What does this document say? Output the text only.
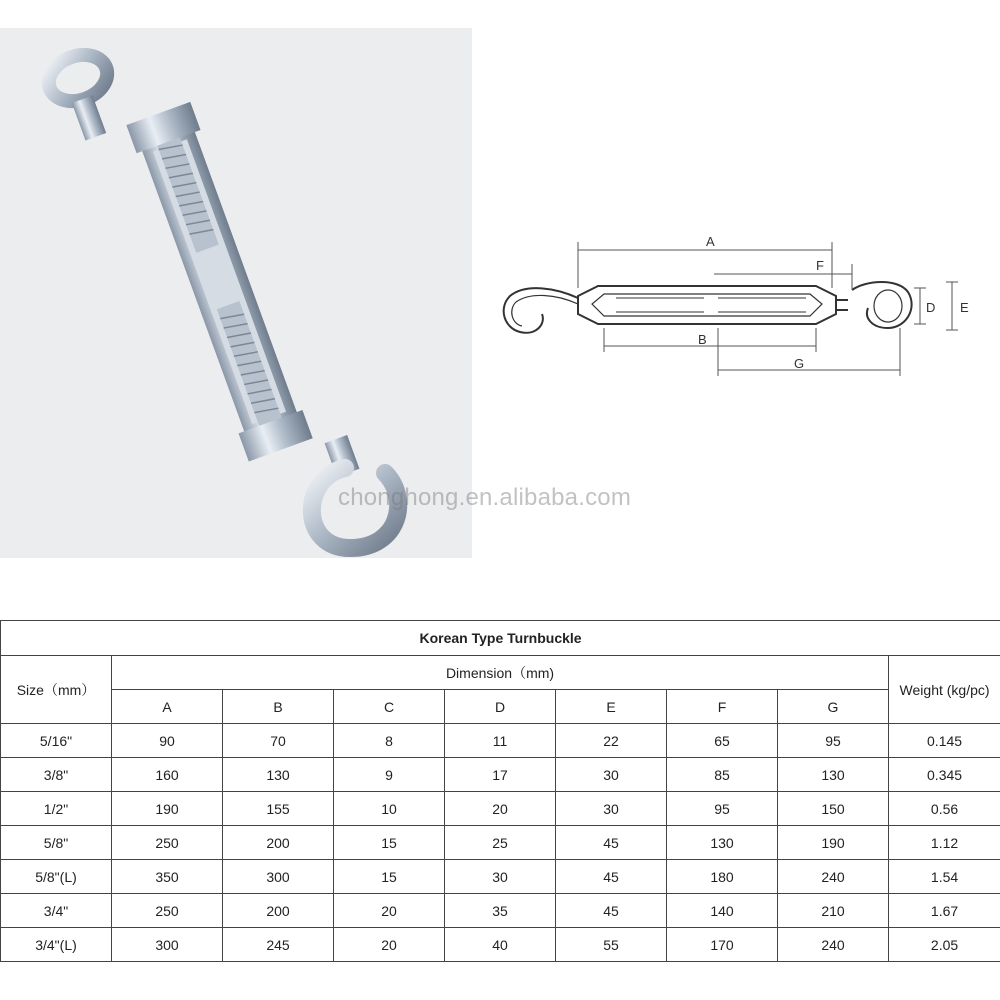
chonghong.en.alibaba.com
A
F
B
G
D E
Korean Type Turnbuckle								
Size（mm）	Dimension（mm)							Weight (kg/pc)
	A	B	C	D	E	F	G	
5/16"	90	70	8	11	22	65	95	0.145
3/8"	160	130	9	17	30	85	130	0.345
1/2"	190	155	10	20	30	95	150	0.56
5/8"	250	200	15	25	45	130	190	1.12
5/8"(L)	350	300	15	30	45	180	240	1.54
3/4"	250	200	20	35	45	140	210	1.67
3/4"(L)	300	245	20	40	55	170	240	2.05
